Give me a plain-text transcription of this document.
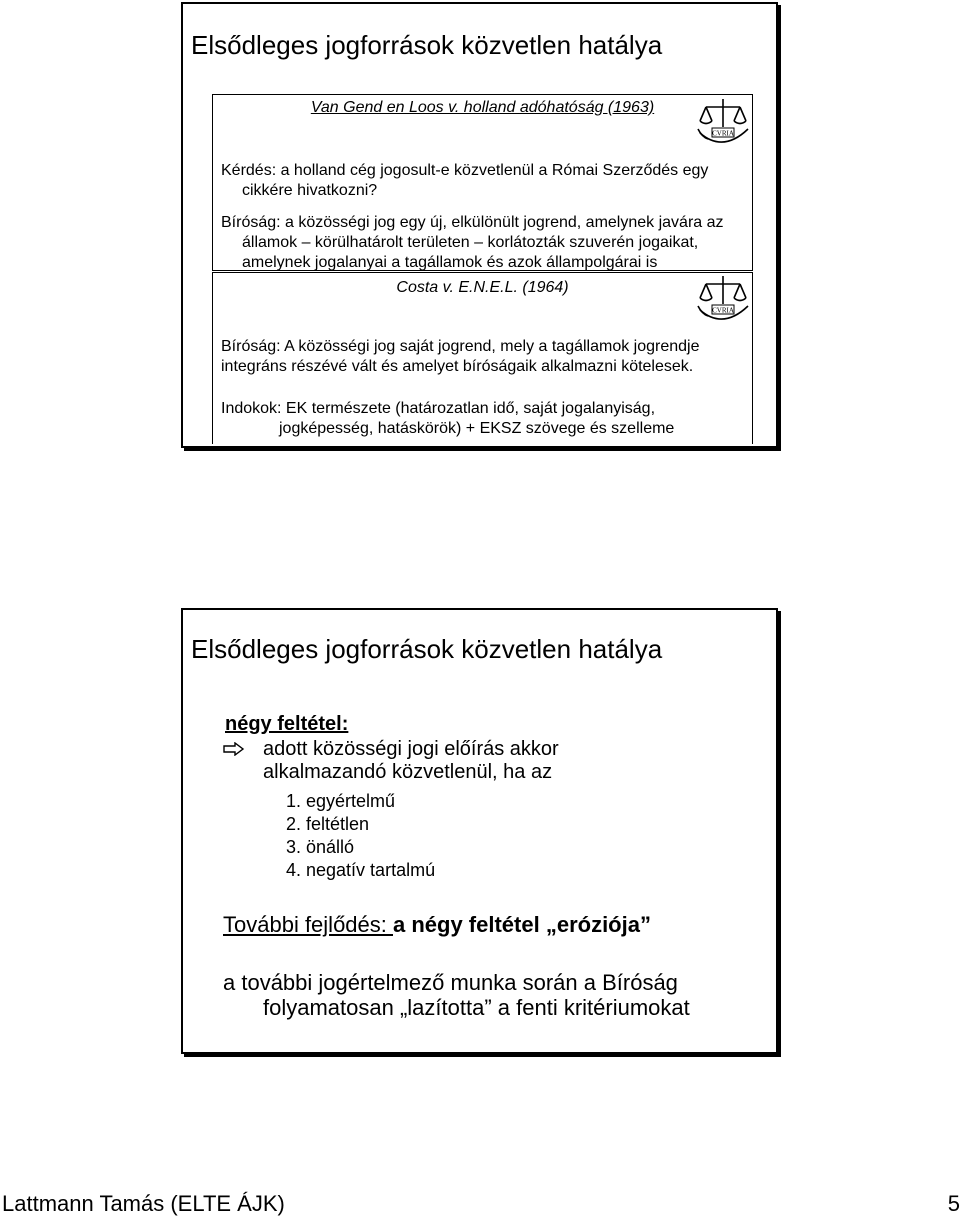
Elsődleges jogforrások közvetlen hatálya
Van Gend en Loos v. holland adóhatóság (1963)
CVRIA
Kérdés: a holland cég jogosult-e közvetlenül a Római Szerződés egy cikkére hivatkozni?
Bíróság: a közösségi jog egy új, elkülönült jogrend, amelynek javára az államok – körülhatárolt területen – korlátozták szuverén jogaikat, amelynek jogalanyai a tagállamok és azok állampolgárai is
Costa v. E.N.E.L. (1964)
CVRIA
Bíróság: A közösségi jog saját jogrend, mely a tagállamok jogrendje integráns részévé vált és amelyet bíróságaik alkalmazni kötelesek.
Indokok: EK természete (határozatlan idő, saját jogalanyiság, jogképesség, hatáskörök) + EKSZ szövege és szelleme
Elsődleges jogforrások közvetlen hatálya
négy feltétel:
adott közösségi jogi előírás akkor alkalmazandó közvetlenül, ha az
1. egyértelmű
2. feltétlen
3. önálló
4. negatív tartalmú
További fejlődés: a négy feltétel „eróziója”
a további jogértelmező munka során a Bíróság
folyamatosan „lazította” a fenti kritériumokat
Lattmann Tamás (ELTE ÁJK)	5
